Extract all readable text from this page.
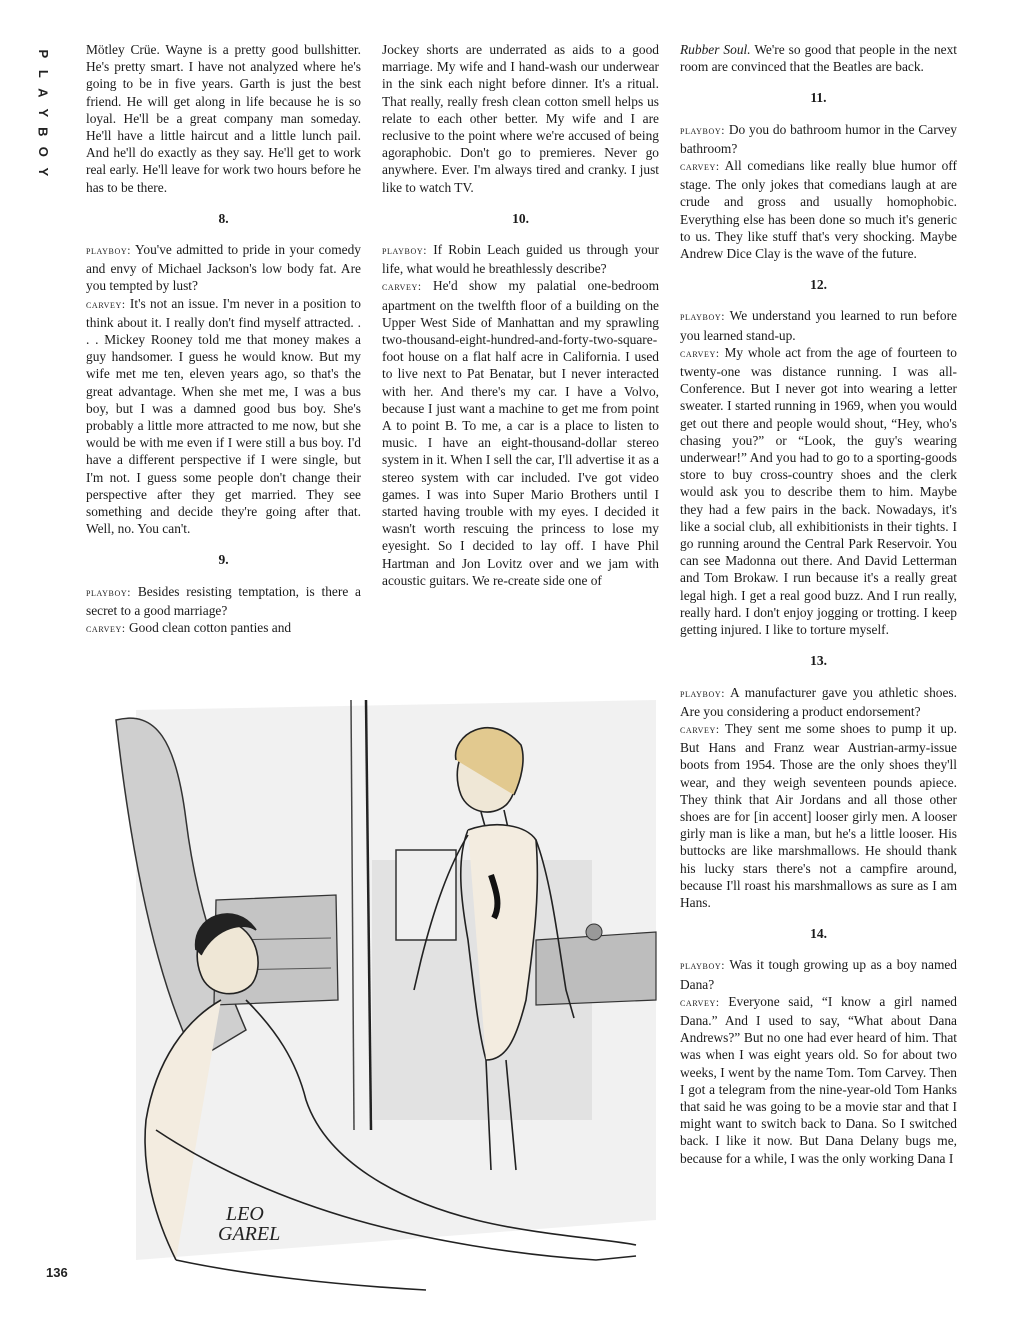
P
L
A
Y
B
O
Y

Mötley Crüe. Wayne is a pretty good bullshitter. He's pretty smart. I have not analyzed where he's going to be in five years. Garth is just the best friend. He will get along in life because he is so loyal. He'll be a great company man someday. He'll have a little haircut and a little lunch pail. And he'll do exactly as they say. He'll get to work real early. He'll leave for work two hours before he has to be there.

8.

playboy: You've admitted to pride in your comedy and envy of Michael Jackson's low body fat. Are you tempted by lust?

carvey: It's not an issue. I'm never in a position to think about it. I really don't find myself attracted. . . . Mickey Rooney told me that money makes a guy handsomer. I guess he would know. But my wife met me ten, eleven years ago, so that's the great advantage. When she met me, I was a bus boy, but I was a damned good bus boy. She's probably a little more attracted to me now, but she would be with me even if I were still a bus boy. I'd have a different perspective if I were single, but I'm not. I guess some people don't change their perspective after they get married. They see something and decide they're going after that. Well, no. You can't.

9.

playboy: Besides resisting temptation, is there a secret to a good marriage?

carvey: Good clean cotton panties and

Jockey shorts are underrated as aids to a good marriage. My wife and I hand-wash our underwear in the sink each night before dinner. It's a ritual. That really, really fresh clean cotton smell helps us relate to each other better. My wife and I are reclusive to the point where we're accused of being agoraphobic. Don't go to premieres. Never go anywhere. Ever. I'm always tired and cranky. I just like to watch TV.

10.

playboy: If Robin Leach guided us through your life, what would he breathlessly describe?

carvey: He'd show my palatial one-bedroom apartment on the twelfth floor of a building on the Upper West Side of Manhattan and my sprawling two-thousand-eight-hundred-and-forty-two-square-foot house on a flat half acre in California. I used to live next to Pat Benatar, but I never interacted with her. And there's my car. I have a Volvo, because I just want a machine to get me from point A to point B. To me, a car is a place to listen to music. I have an eight-thousand-dollar stereo system in it. When I sell the car, I'll advertise it as a stereo system with car included. I've got video games. I was into Super Mario Brothers until I started having trouble with my eyes. I decided it wasn't worth rescuing the princess to lose my eyesight. So I decided to lay off. I have Phil Hartman and Jon Lovitz over and we jam with acoustic guitars. We re-create side one of

Rubber Soul. We're so good that people in the next room are convinced that the Beatles are back.

11.

playboy: Do you do bathroom humor in the Carvey bathroom?

carvey: All comedians like really blue humor off stage. The only jokes that comedians laugh at are crude and gross and usually homophobic. Everything else has been done so much it's generic to us. They like stuff that's very shocking. Maybe Andrew Dice Clay is the wave of the future.

12.

playboy: We understand you learned to run before you learned stand-up.

carvey: My whole act from the age of fourteen to twenty-one was distance running. I was all-Conference. But I never got into wearing a letter sweater. I started running in 1969, when you would get out there and people would shout, “Hey, who's chasing you?” or “Look, the guy's wearing underwear!” And you had to go to a sporting-goods store to buy cross-country shoes and the clerk would ask you to describe them to him. Maybe they had a few pairs in the back. Nowadays, it's like a social club, all exhibitionists in their tights. I go running around the Central Park Reservoir. You can see Madonna out there. And David Letterman and Tom Brokaw. I run because it's a really great legal high. I get a real good buzz. And I run really, really hard. I don't enjoy jogging or trotting. I keep getting injured. I like to torture myself.

13.

playboy: A manufacturer gave you athletic shoes. Are you considering a product endorsement?

carvey: They sent me some shoes to pump it up. But Hans and Franz wear Austrian-army-issue boots from 1954. Those are the only shoes they'll wear, and they weigh seventeen pounds apiece. They think that Air Jordans and all those other shoes are for [in accent] looser girly men. A looser girly man is like a man, but he's a little looser. His buttocks are like marshmallows. He should thank his lucky stars there's not a campfire around, because I'll roast his marshmallows as sure as I am Hans.

14.

playboy: Was it tough growing up as a boy named Dana?

carvey: Everyone said, “I know a girl named Dana.” And I used to say, “What about Dana Andrews?” But no one had ever heard of him. That was when I was eight years old. So for about two weeks, I went by the name Tom. Tom Carvey. Then I got a telegram from the nine-year-old Tom Hanks that said he was going to be a movie star and that I might want to switch back to Dana. So I switched back. I like it now. But Dana Delany bugs me, because for a while, I was the only working Dana I

LEO
GAREL
136
